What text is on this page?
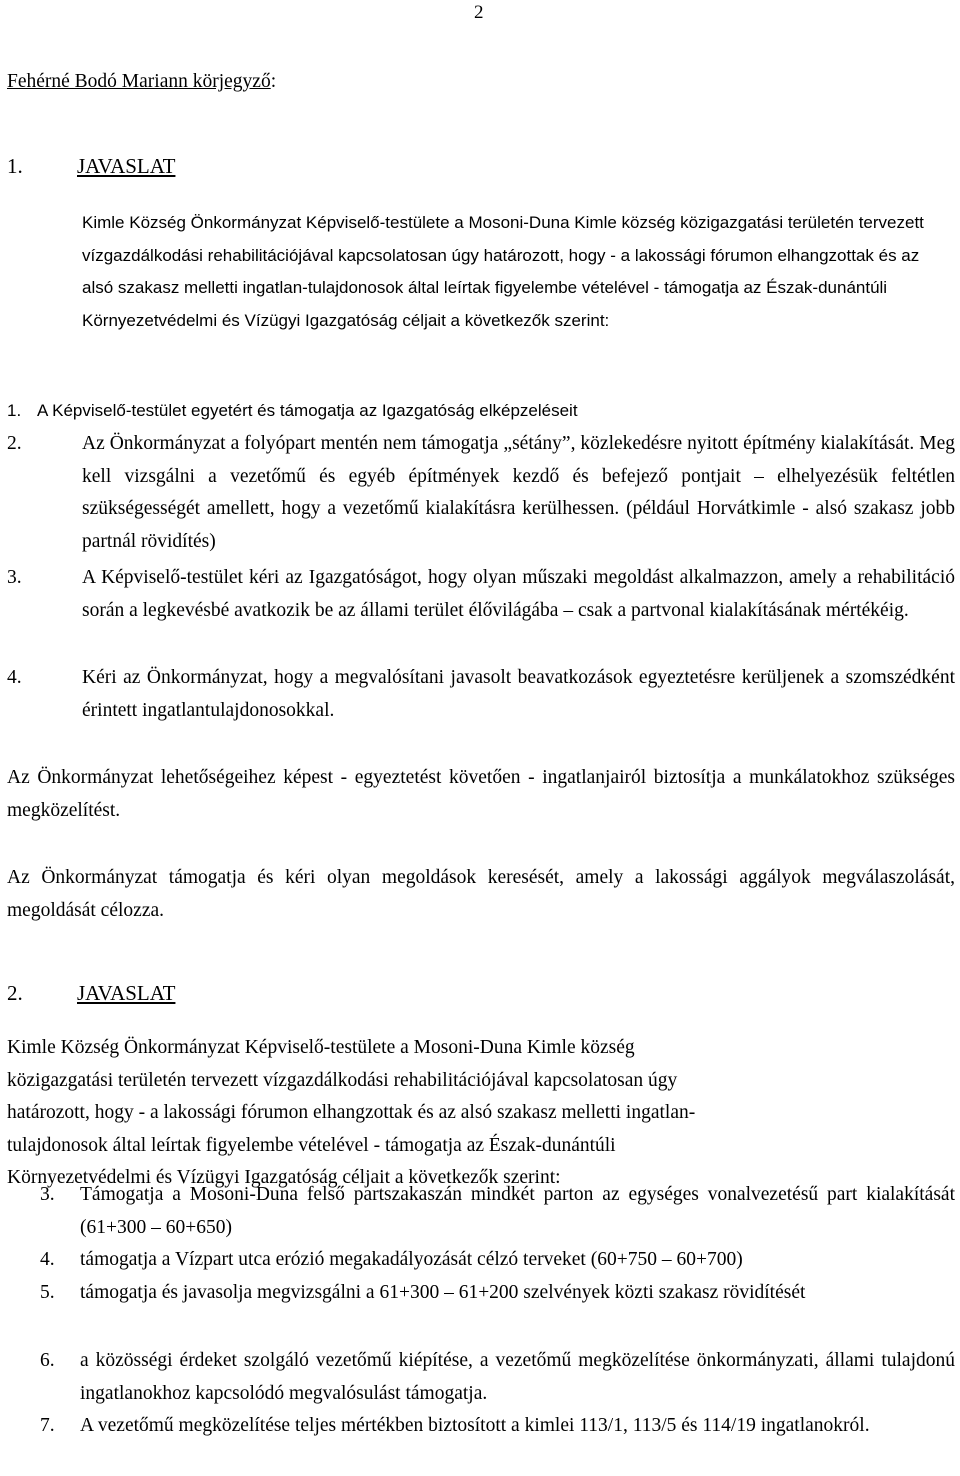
2
Fehérné Bodó Mariann körjegyző:
1.	JAVASLAT
Kimle Község Önkormányzat Képviselő-testülete a Mosoni-Duna Kimle község közigazgatási területén tervezett vízgazdálkodási rehabilitációjával kapcsolatosan úgy határozott, hogy - a lakossági fórumon elhangzottak és az alsó szakasz melletti ingatlan-tulajdonosok által leírtak figyelembe vételével - támogatja az Észak-dunántúli Környezetvédelmi és Vízügyi Igazgatóság céljait a következők szerint:
1. A Képviselő-testület egyetért és támogatja az Igazgatóság elképzeléseit
2.	Az Önkormányzat a folyópart mentén nem támogatja „sétány”, közlekedésre nyitott építmény kialakítását. Meg kell vizsgálni a vezetőmű és egyéb építmények kezdő és befejező pontjait – elhelyezésük feltétlen szükségességét amellett, hogy a vezetőmű kialakításra kerülhessen. (például Horvátkimle - alsó szakasz jobb partnál rövidítés)
3.	A Képviselő-testület kéri az Igazgatóságot, hogy olyan műszaki megoldást alkalmazzon, amely a rehabilitáció során a legkevésbé avatkozik be az állami terület élővilágába – csak a partvonal kialakításának mértékéig.
4.	Kéri az Önkormányzat, hogy a megvalósítani javasolt beavatkozások egyeztetésre kerüljenek a szomszédként érintett ingatlantulajdonosokkal.
Az Önkormányzat lehetőségeihez képest - egyeztetést követően - ingatlanjairól biztosítja a munkálatokhoz szükséges megközelítést.
Az Önkormányzat támogatja és kéri olyan megoldások keresését, amely a lakossági aggályok megválaszolását, megoldását célozza.
2.	JAVASLAT
Kimle Község Önkormányzat Képviselő-testülete a Mosoni-Duna Kimle község
közigazgatási területén tervezett vízgazdálkodási rehabilitációjával kapcsolatosan úgy
határozott, hogy - a lakossági fórumon elhangzottak és az alsó szakasz melletti ingatlan-
tulajdonosok által leírtak figyelembe vételével - támogatja az Észak-dunántúli
Környezetvédelmi és Vízügyi Igazgatóság céljait a következők szerint:
3. Támogatja a Mosoni-Duna felső partszakaszán mindkét parton az egységes vonalvezetésű part kialakítását (61+300 – 60+650)
4. támogatja a Vízpart utca erózió megakadályozását célzó terveket (60+750 – 60+700)
5. támogatja és javasolja megvizsgálni a 61+300 – 61+200 szelvények közti szakasz rövidítését
6. a közösségi érdeket szolgáló vezetőmű kiépítése, a vezetőmű megközelítése önkormányzati, állami tulajdonú ingatlanokhoz kapcsolódó megvalósulást támogatja.
7. A vezetőmű megközelítése teljes mértékben biztosított a kimlei 113/1, 113/5 és 114/19 ingatlanokról.
